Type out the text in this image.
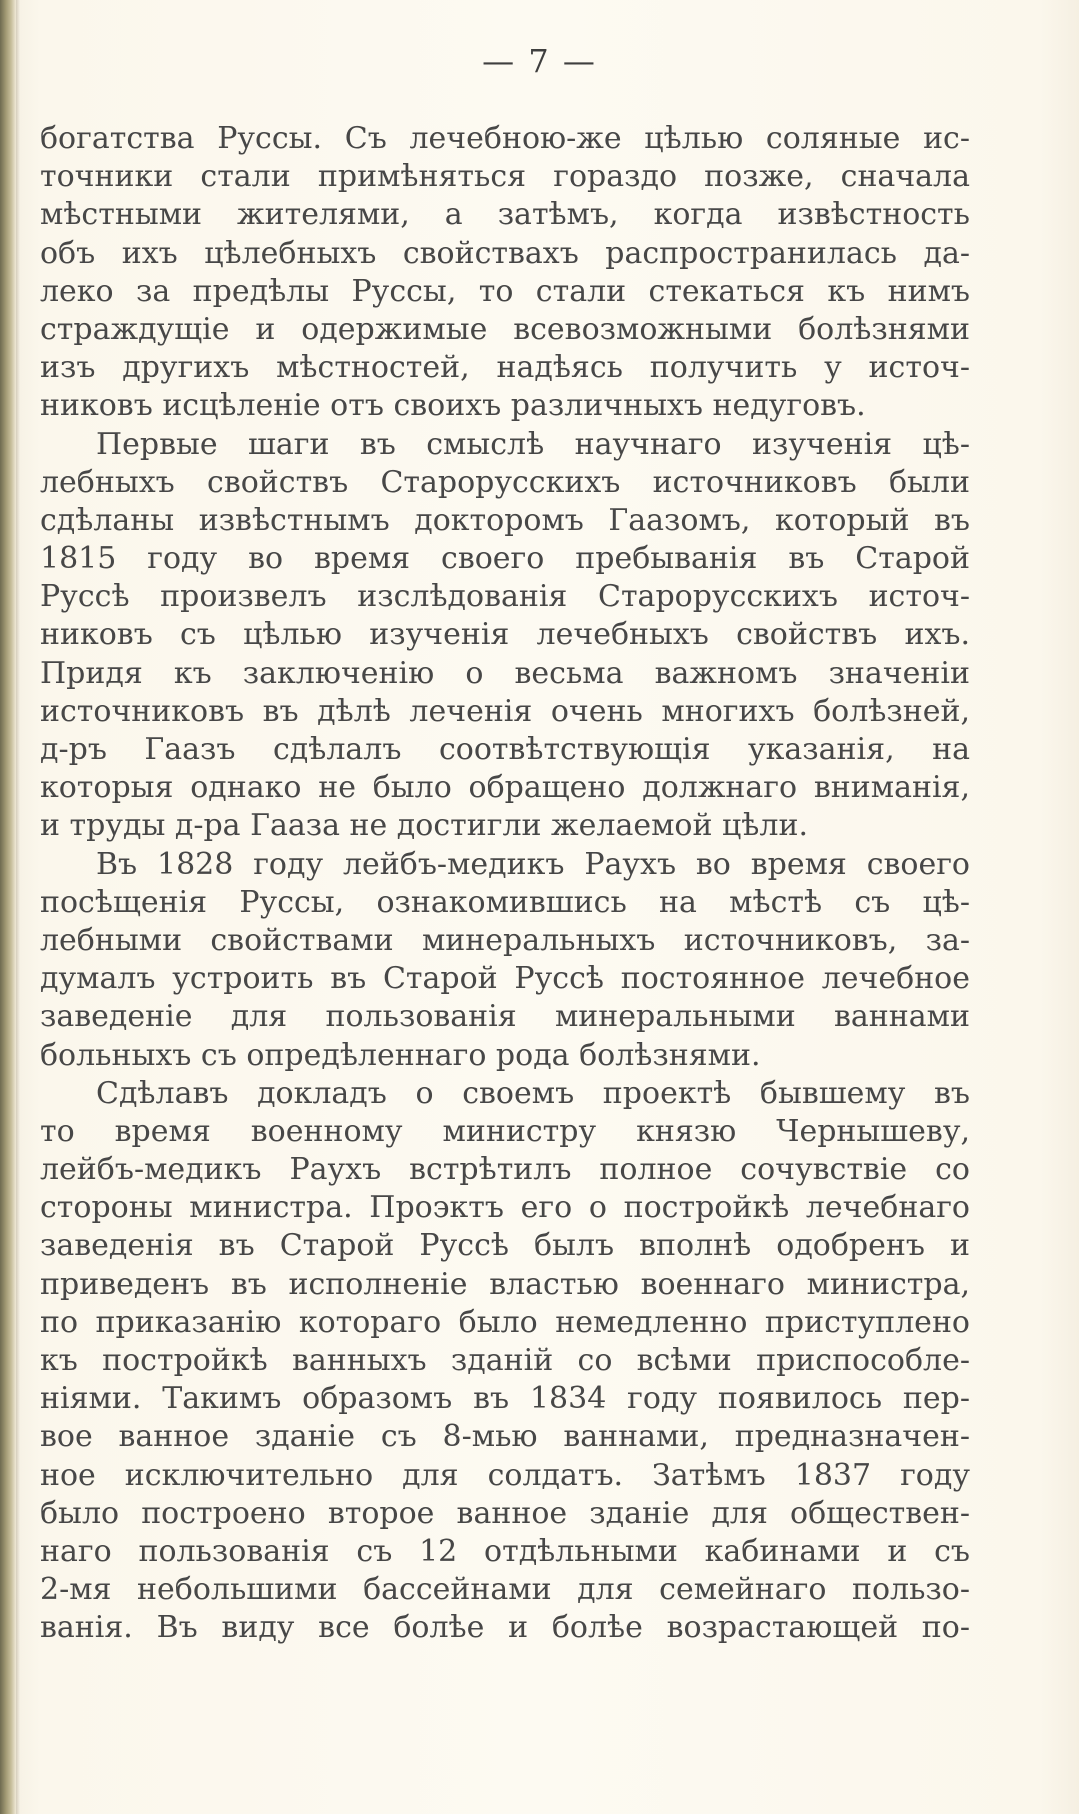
— 7 —
богатства Руссы. Съ лечебною-же цѣлью соляные ис-
точники стали примѣняться гораздо позже, сначала
мѣстными жителями, а затѣмъ, когда извѣстность
объ ихъ цѣлебныхъ свойствахъ распространилась да-
леко за предѣлы Руссы, то стали стекаться къ нимъ
страждущіе и одержимые всевозможными болѣзнями
изъ другихъ мѣстностей, надѣясь получить у источ-
никовъ исцѣленіе отъ своихъ различныхъ недуговъ.
Первые шаги въ смыслѣ научнаго изученія цѣ-
лебныхъ свойствъ Старорусскихъ источниковъ были
сдѣланы извѣстнымъ докторомъ Гаазомъ, который въ
1815 году во время своего пребыванія въ Старой
Руссѣ произвелъ изслѣдованія Старорусскихъ источ-
никовъ съ цѣлью изученія лечебныхъ свойствъ ихъ.
Придя къ заключенію о весьма важномъ значеніи
источниковъ въ дѣлѣ леченія очень многихъ болѣзней,
д-ръ Гаазъ сдѣлалъ соотвѣтствующія указанія, на
которыя однако не было обращено должнаго вниманія,
и труды д-ра Гааза не достигли желаемой цѣли.
Въ 1828 году лейбъ-медикъ Раухъ во время своего
посѣщенія Руссы, ознакомившись на мѣстѣ съ цѣ-
лебными свойствами минеральныхъ источниковъ, за-
думалъ устроить въ Старой Руссѣ постоянное лечебное
заведеніе для пользованія минеральными ваннами
больныхъ съ опредѣленнаго рода болѣзнями.
Сдѣлавъ докладъ о своемъ проектѣ бывшему въ
то время военному министру князю Чернышеву,
лейбъ-медикъ Раухъ встрѣтилъ полное сочувствіе со
стороны министра. Проэктъ его о постройкѣ лечебнаго
заведенія въ Старой Руссѣ былъ вполнѣ одобренъ и
приведенъ въ исполненіе властью военнаго министра,
по приказанію котораго было немедленно приступлено
къ постройкѣ ванныхъ зданій со всѣми приспособле-
ніями. Такимъ образомъ въ 1834 году появилось пер-
вое ванное зданіе съ 8-мью ваннами, предназначен-
ное исключительно для солдатъ. Затѣмъ 1837 году
было построено второе ванное зданіе для обществен-
наго пользованія съ 12 отдѣльными кабинами и съ
2-мя небольшими бассейнами для семейнаго пользо-
ванія. Въ виду все болѣе и болѣе возрастающей по-
